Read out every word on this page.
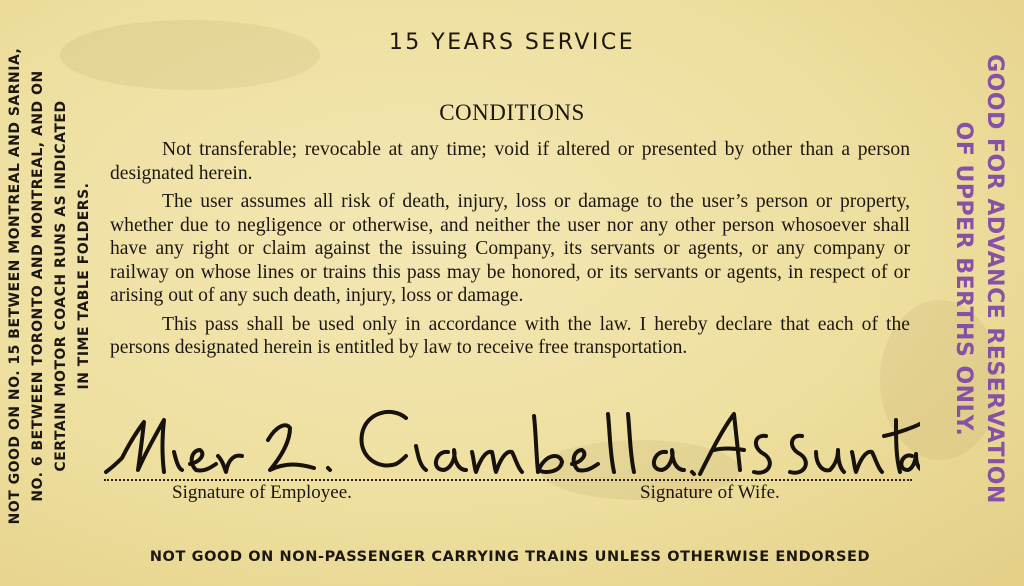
15 YEARS SERVICE
CONDITIONS

Not transferable; revocable at any time; void if altered or presented by other than a person designated herein.

The user assumes all risk of death, injury, loss or damage to the user’s person or property, whether due to negligence or otherwise, and neither the user nor any other person whosoever shall have any right or claim against the issuing Company, its servants or agents, or any company or railway on whose lines or trains this pass may be honored, or its servants or agents, in respect of or arising out of any such death, injury, loss or damage.

This pass shall be used only in accordance with the law. I hereby declare that each of the persons designated herein is entitled by law to receive free transportation.

Signature of Employee.	Signature of Wife.
NOT GOOD ON NON-PASSENGER CARRYING TRAINS UNLESS OTHERWISE ENDORSED
NOT GOOD ON NO. 15 BETWEEN MONTREAL AND SARNIA, NO. 6 BETWEEN TORONTO AND MONTREAL, AND ON CERTAIN MOTOR COACH RUNS AS INDICATED IN TIME TABLE FOLDERS.	GOOD FOR ADVANCE RESERVATION
OF UPPER BERTHS ONLY.
